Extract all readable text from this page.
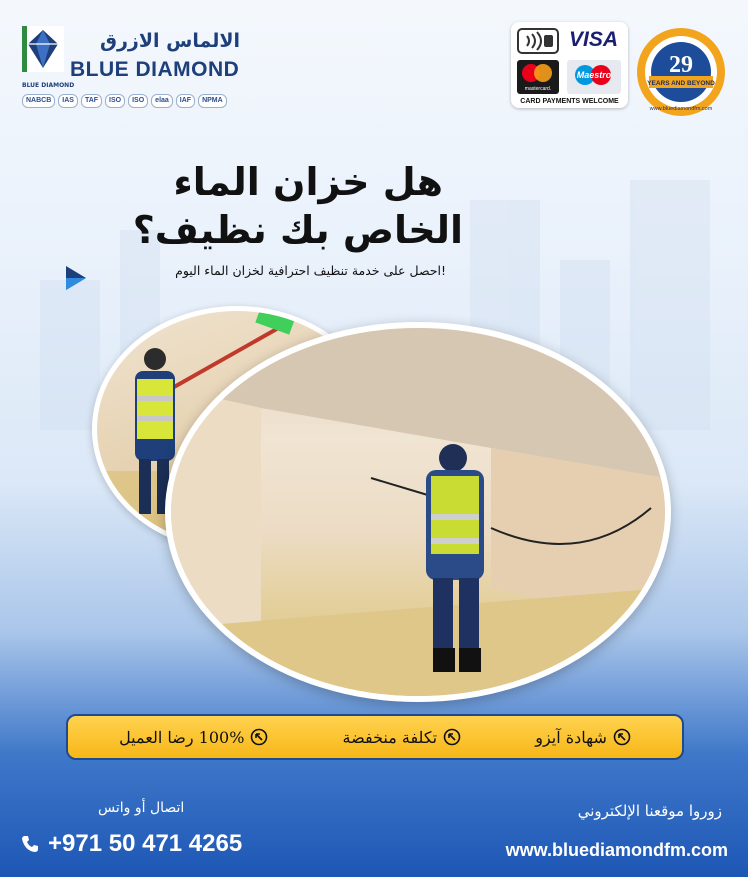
الالماس الازرق
BLUE DIAMOND
BLUE DIAMOND
NABCB	IAS	TAF	ISO	ISO	elaa	IAF	NPMA
VISA
mastercard.
Maestro
CARD PAYMENTS WELCOME
29
YEARS AND BEYOND
www.bluediamondfm.com
هل خزان الماء
الخاص بك نظيف؟
!احصل على خدمة تنظيف احترافية لخزان الماء اليوم
شهادة آيزو
تكلفة منخفضة
100% رضا العميل
اتصال أو واتس
+971 50 471 4265
زوروا موقعنا الإلكتروني
www.bluediamondfm.com
